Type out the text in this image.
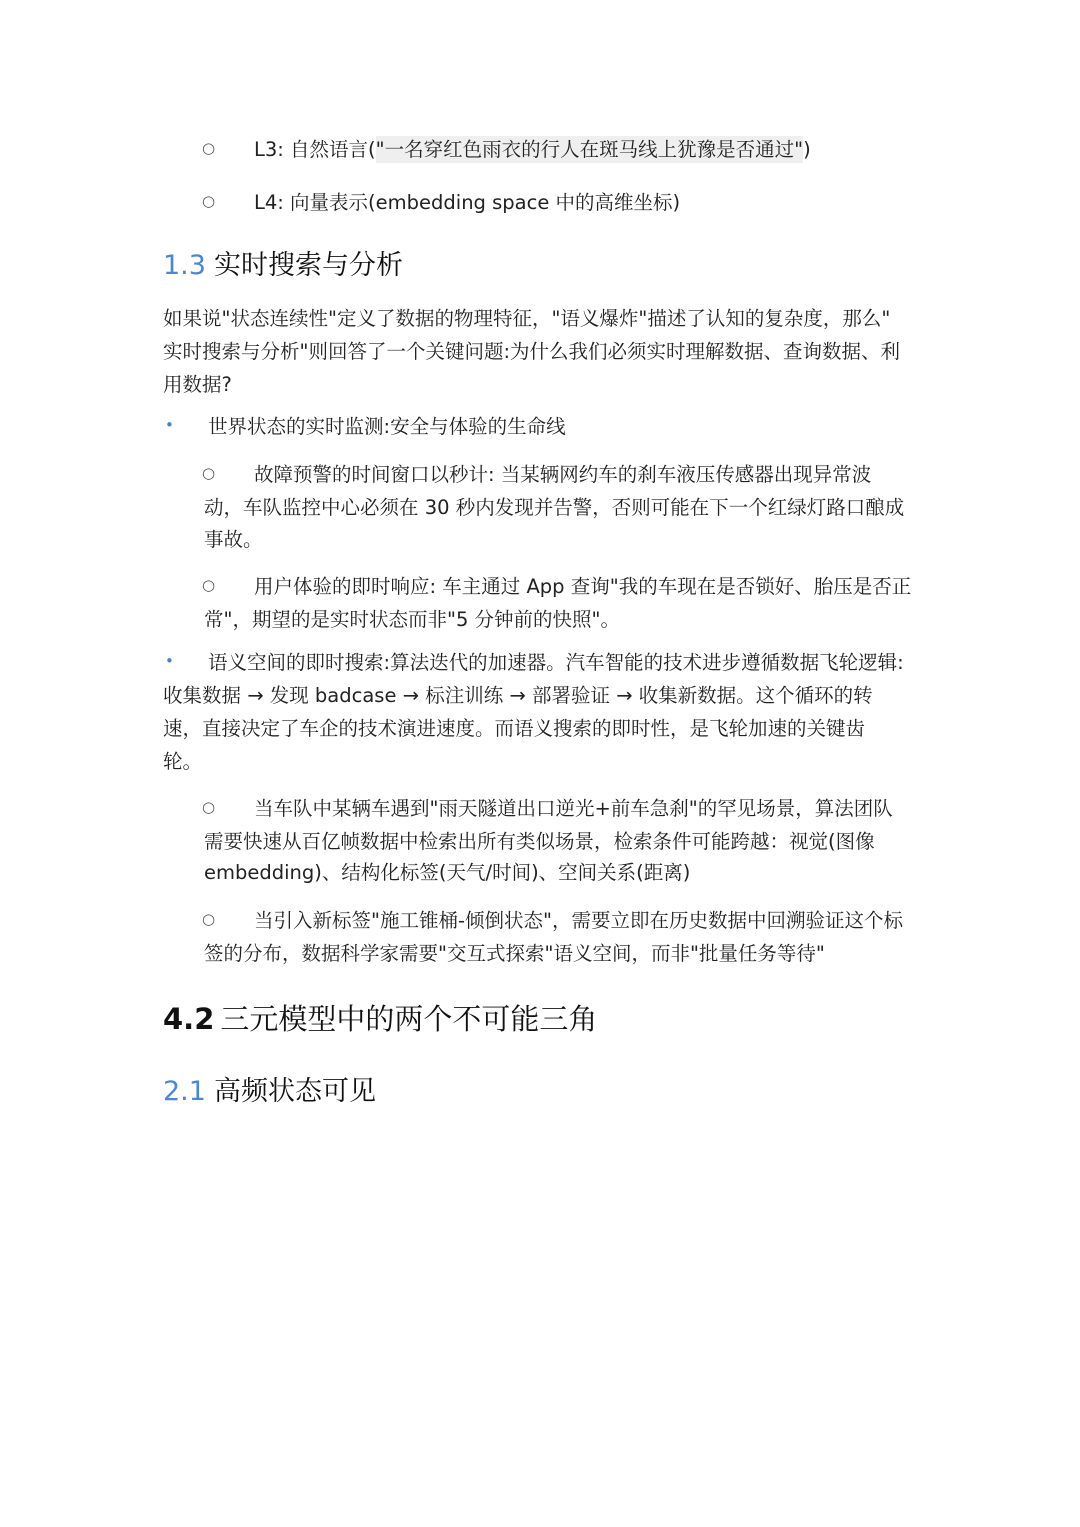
○ L3: 自然语言("一名穿红色雨衣的行人在斑马线上犹豫是否通过")
○ L4: 向量表示(embedding space 中的高维坐标)
1.3 实时搜索与分析
如果说"状态连续性"定义了数据的物理特征，"语义爆炸"描述了认知的复杂度，那么"
实时搜索与分析"则回答了一个关键问题:为什么我们必须实时理解数据、查询数据、利
用数据?
• 世界状态的实时监测:安全与体验的生命线
○ 故障预警的时间窗口以秒计: 当某辆网约车的刹车液压传感器出现异常波
动，车队监控中心必须在 30 秒内发现并告警，否则可能在下一个红绿灯路口酿成
事故。
○ 用户体验的即时响应: 车主通过 App 查询"我的车现在是否锁好、胎压是否正
常"，期望的是实时状态而非"5 分钟前的快照"。
• 语义空间的即时搜索:算法迭代的加速器。汽车智能的技术进步遵循数据飞轮逻辑:
收集数据 → 发现 badcase → 标注训练 → 部署验证 → 收集新数据。这个循环的转
速，直接决定了车企的技术演进速度。而语义搜索的即时性，是飞轮加速的关键齿
轮。
○ 当车队中某辆车遇到"雨天隧道出口逆光+前车急刹"的罕见场景，算法团队
需要快速从百亿帧数据中检索出所有类似场景，检索条件可能跨越：视觉(图像
embedding)、结构化标签(天气/时间)、空间关系(距离)
○ 当引入新标签"施工锥桶-倾倒状态"，需要立即在历史数据中回溯验证这个标
签的分布，数据科学家需要"交互式探索"语义空间，而非"批量任务等待"
4.2 三元模型中的两个不可能三角
2.1 高频状态可见
